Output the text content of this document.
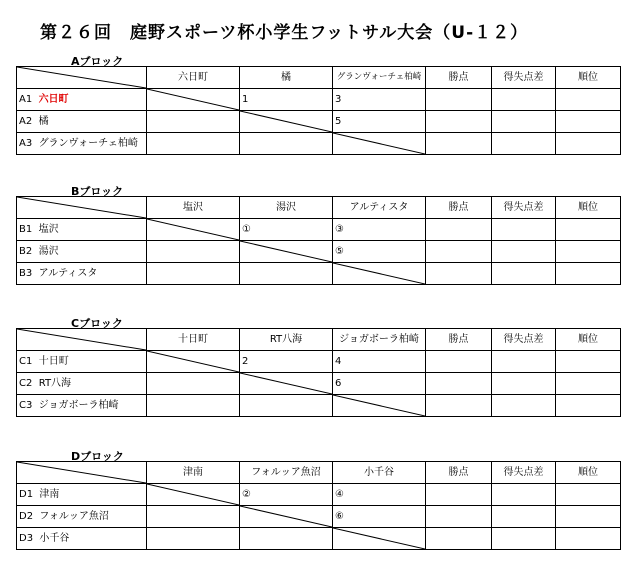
第２６回　庭野スポーツ杯小学生フットサル大会（U-１２）
Aブロック
	六日町	橘	グランヴォーチェ柏崎	勝点	得失点差	順位
A1 六日町		1	3			
A2 橘			5			
A3 グランヴォーチェ柏崎			

Bブロック
	塩沢	湯沢	アルティスタ	勝点	得失点差	順位
B1 塩沢		①	③			
B2 湯沢			⑤			
B3 アルティスタ			

Cブロック
	十日町	RT八海	ジョガボーラ柏崎	勝点	得失点差	順位
C1 十日町		2	4			
C2 RT八海			6			
C3 ジョガボーラ柏崎			

Dブロック
	津南	フォルッア魚沼	小千谷	勝点	得失点差	順位
D1 津南		②	④			
D2 フォルッア魚沼			⑥			
D3 小千谷			
